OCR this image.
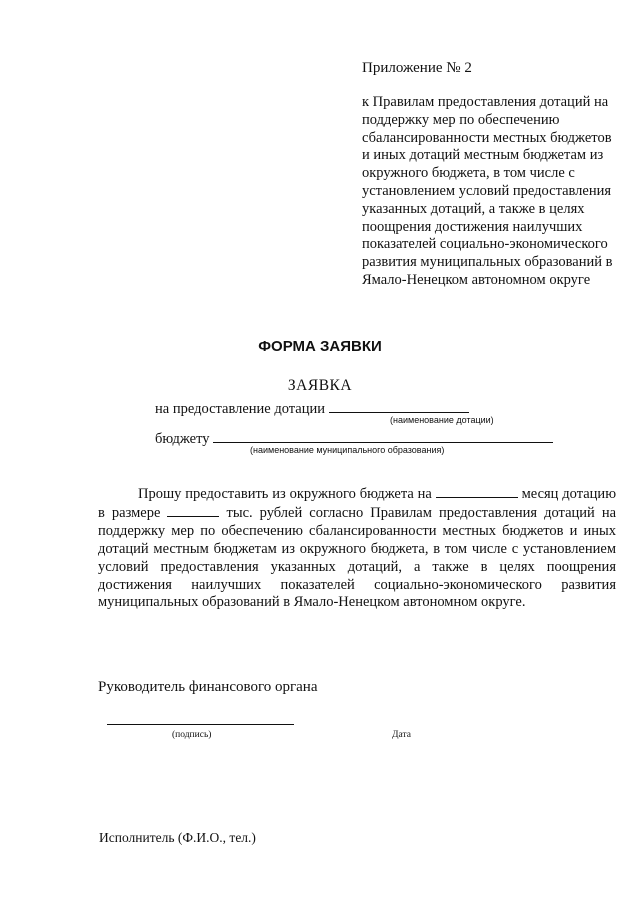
Приложение № 2
к Правилам предоставления дотаций на поддержку мер по обеспечению сбалансированности местных бюджетов и иных дотаций местным бюджетам из окружного бюджета, в том числе с установлением условий предоставления указанных дотаций, а также в целях поощрения достижения наилучших показателей социально-экономического развития муниципальных образований в Ямало-Ненецком автономном округе
ФОРМА ЗАЯВКИ
ЗАЯВКА
на предоставление дотации
(наименование дотации)
бюджету
(наименование муниципального образования)
Прошу предоставить из окружного бюджета на	месяц дотацию в размере	тыс. рублей согласно Правилам предоставления дотаций на поддержку мер по обеспечению сбалансированности местных бюджетов и иных дотаций местным бюджетам из окружного бюджета, в том числе с установлением условий предоставления указанных дотаций, а также в целях поощрения достижения наилучших показателей социально-экономического развития муниципальных образований в Ямало-Ненецком автономном округе.
Руководитель финансового органа
(подпись)	Дата
Исполнитель (Ф.И.О., тел.)
